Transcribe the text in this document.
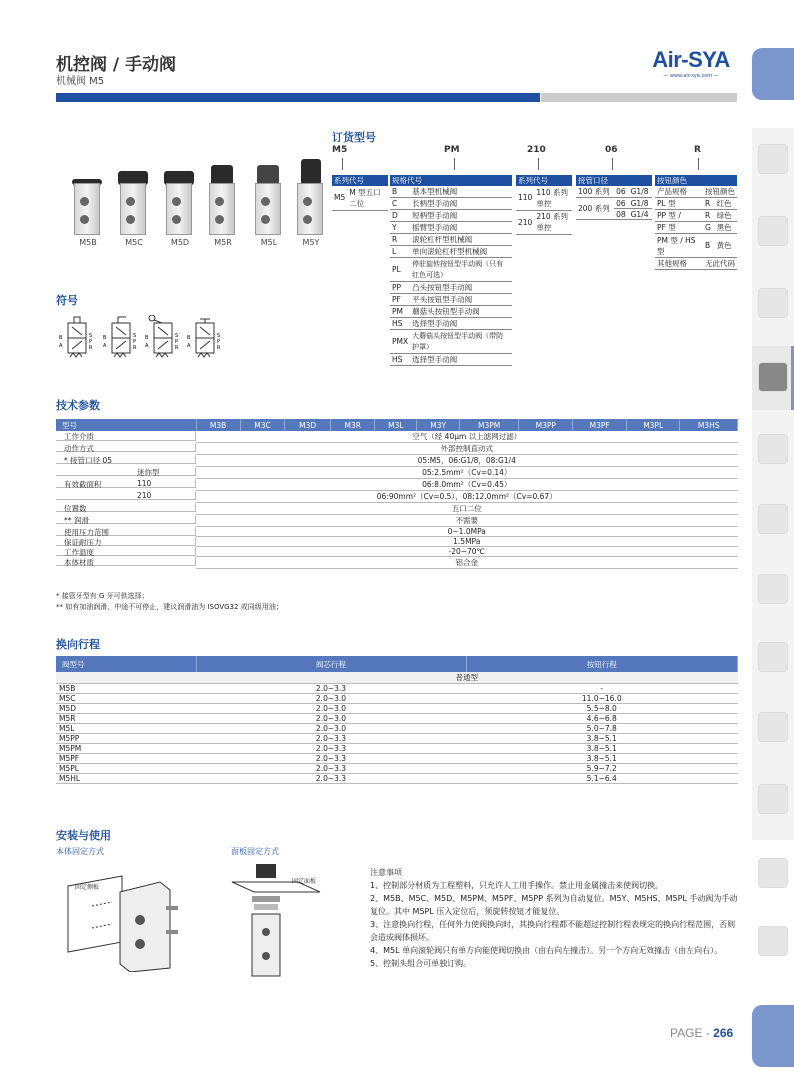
机控阀 / 手动阀
机械阀 M5
Air-SYA
— www.air-sya.com —
M5B	M5C	M5D	M5R	M5L	M5Y
符号
B
A
S
P
R
B
A
S
P
R
B
A
S
P
R
B
A
S
P
R
订货型号
M5	PM	210	06	R
系列代号
M5	M 型五口二位
规格代号	
B	基本型机械阀
C	长柄型手动阀
D	短柄型手动阀
Y	摇臂型手动阀
R	滚轮杠杆型机械阀
L	单向滚轮杠杆型机械阀
PL	停驻旋转按钮型手动阀（只有红色可选）
PP	凸头按钮型手动阀
PF	平头按钮型手动阀
PM	蘑菇头按钮型手动阀
HS	选择型手动阀
PMX	大蘑菇头按钮型手动阀（带防护罩）
HS	选择型手动阀
系列代号	
110	110 系列单控
210	210 系列单控
接管口径		
100 系列	06	G1/8
200 系列	06	G1/8
	08	G1/4
按钮颜色		
产品规格	按钮颜色	
PL 型	R	红色
PP 型 /	R	绿色
PF 型	G	黑色
PM 型 / HS 型	B	黄色
其他规格	无此代码	
技术参数
型号	M3B	M3C	M3D	M3R	M3L	M3Y	M3PM	M3PP	M3PF	M3PL	M3HS

工作介质	空气（经 40μm 以上滤网过滤）										

动作方式	外部控制直动式										

* 接管口径 05	05:M5，06:G1/8，08:G1/4										

迷你型	05:2.5mm²（Cv=0.14）										

有效截面积	110	06:8.0mm²（Cv=0.45）										

210	06:90mm²（Cv=0.5），08:12.0mm²（Cv=0.67）										

位置数	五口二位										

** 润滑	不需要										

使用压力范围	0~1.0MPa										

保证耐压力	1.5MPa										

工作温度	-20~70℃										

本体材质	铝合金										
* 接管牙型有 G 牙可供选择；
** 如有加油润滑，中途不可停止，建议润滑油为 ISOVG32 或同级用油；
换向行程
阀型号	阀芯行程	按钮行程
	普通型	
M5B	2.0~3.3	-
M5C	2.0~3.0	11.0~16.0
M5D	2.0~3.0	5.5~8.0
M5R	2.0~3.0	4.6~6.8
M5L	2.0~3.0	5.0~7.8
M5PP	2.0~3.3	3.8~5.1
M5PM	2.0~3.3	3.8~5.1
M5PF	2.0~3.3	3.8~5.1
M5PL	2.0~3.3	5.9~7.2
M5HL	2.0~3.3	5.1~6.4
安装与使用
本体固定方式	面板固定方式
固定侧板
固定面板
注意事项
1、控制部分材质为工程塑料，只允许人工用手操作。禁止用金属撞击来使阀切换。
2、M5B、M5C、M5D、M5PM、M5PF、M5PP 系列为自动复位。M5Y、M5HS、M5PL 手动阀为手动复位。其中 M5PL 压入定位后，须旋转按钮才能复位。
3、注意换向行程，任何外力使阀换向时，其换向行程都不能超过控制行程表规定的换向行程范围，否则会造成阀体损坏。
4、M5L 单向滚轮阀只有单方向能使阀切换由（由右向左撞击）。另一个方向无效撞击（由左向右）。
5、控制头组合可单独订购。
PAGE - 266
